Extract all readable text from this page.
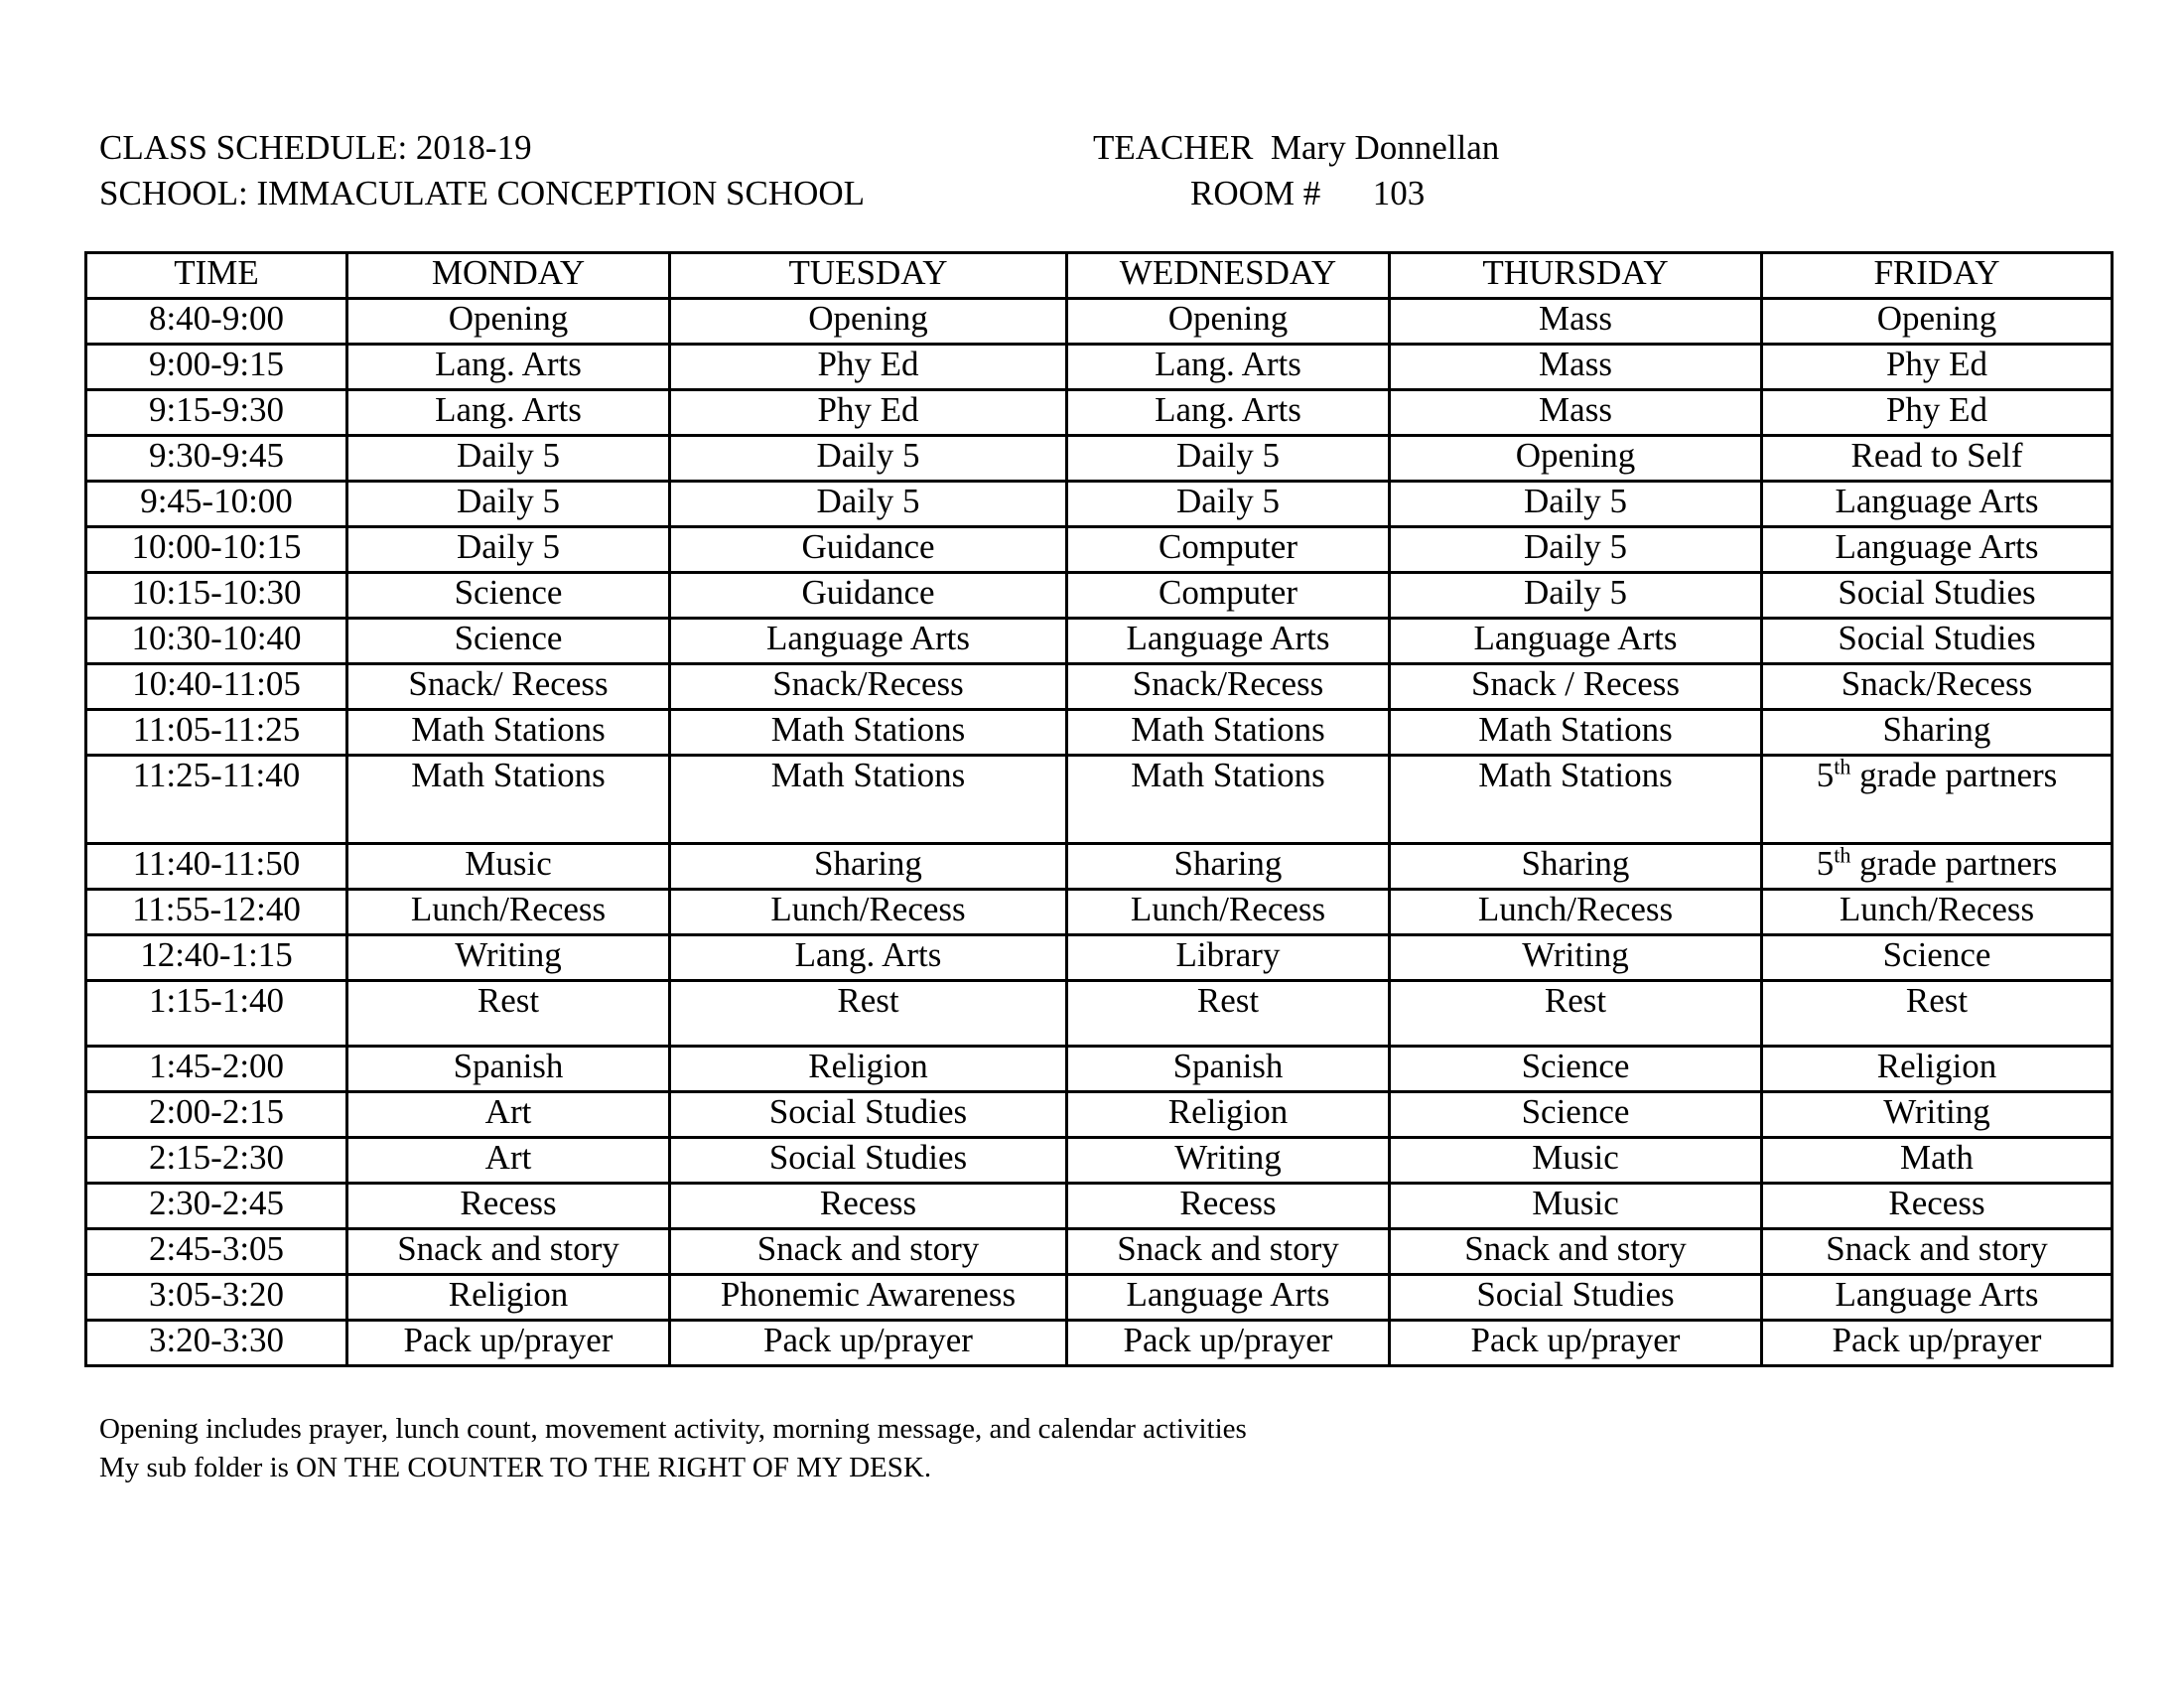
CLASS SCHEDULE: 2018-19
SCHOOL: IMMACULATE CONCEPTION SCHOOL
TEACHER  Mary Donnellan
ROOM #      103
TIME	MONDAY	TUESDAY	WEDNESDAY	THURSDAY	FRIDAY
8:40-9:00	Opening	Opening	Opening	Mass	Opening
9:00-9:15	Lang. Arts	Phy Ed	Lang. Arts	Mass	Phy Ed
9:15-9:30	Lang. Arts	Phy Ed	Lang. Arts	Mass	Phy Ed
9:30-9:45	Daily 5	Daily 5	Daily 5	Opening	Read to Self
9:45-10:00	Daily 5	Daily 5	Daily 5	Daily 5	Language Arts
10:00-10:15	Daily 5	Guidance	Computer	Daily 5	Language Arts
10:15-10:30	Science	Guidance	Computer	Daily 5	Social Studies
10:30-10:40	Science	Language Arts	Language Arts	Language Arts	Social Studies
10:40-11:05	Snack/ Recess	Snack/Recess	Snack/Recess	Snack / Recess	Snack/Recess
11:05-11:25	Math Stations	Math Stations	Math Stations	Math Stations	Sharing
11:25-11:40	Math Stations	Math Stations	Math Stations	Math Stations	5th grade partners
11:40-11:50	Music	Sharing	Sharing	Sharing	5th grade partners
11:55-12:40	Lunch/Recess	Lunch/Recess	Lunch/Recess	Lunch/Recess	Lunch/Recess
12:40-1:15	Writing	Lang. Arts	Library	Writing	Science
1:15-1:40	Rest	Rest	Rest	Rest	Rest
1:45-2:00	Spanish	Religion	Spanish	Science	Religion
2:00-2:15	Art	Social Studies	Religion	Science	Writing
2:15-2:30	Art	Social Studies	Writing	Music	Math
2:30-2:45	Recess	Recess	Recess	Music	Recess
2:45-3:05	Snack and story	Snack and story	Snack and story	Snack and story	Snack and story
3:05-3:20	Religion	Phonemic Awareness	Language Arts	Social Studies	Language Arts
3:20-3:30	Pack up/prayer	Pack up/prayer	Pack up/prayer	Pack up/prayer	Pack up/prayer
Opening includes prayer, lunch count, movement activity, morning message, and calendar activities
My sub folder is ON THE COUNTER TO THE RIGHT OF MY DESK.
